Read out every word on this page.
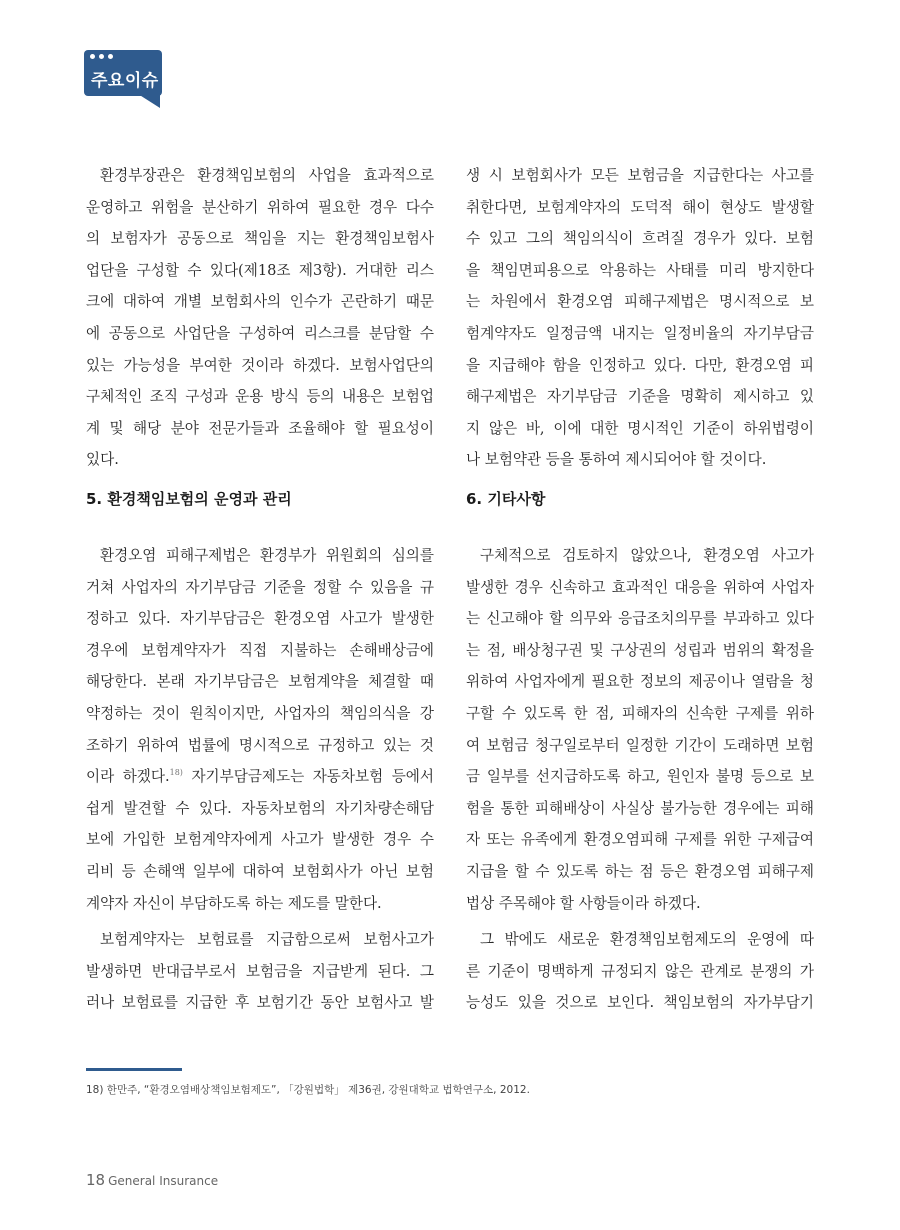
주요이슈
환경부장관은 환경책임보험의 사업을 효과적으로
운영하고 위험을 분산하기 위하여 필요한 경우 다수
의 보험자가 공동으로 책임을 지는 환경책임보험사
업단을 구성할 수 있다(제18조 제3항). 거대한 리스
크에 대하여 개별 보험회사의 인수가 곤란하기 때문
에 공동으로 사업단을 구성하여 리스크를 분담할 수
있는 가능성을 부여한 것이라 하겠다. 보험사업단의
구체적인 조직 구성과 운용 방식 등의 내용은 보험업
계 및 해당 분야 전문가들과 조율해야 할 필요성이
있다.
5. 환경책임보험의 운영과 관리
환경오염 피해구제법은 환경부가 위원회의 심의를
거쳐 사업자의 자기부담금 기준을 정할 수 있음을 규
정하고 있다. 자기부담금은 환경오염 사고가 발생한
경우에 보험계약자가 직접 지불하는 손해배상금에
해당한다. 본래 자기부담금은 보험계약을 체결할 때
약정하는 것이 원칙이지만, 사업자의 책임의식을 강
조하기 위하여 법률에 명시적으로 규정하고 있는 것
이라 하겠다.$^{18)}$ 자기부담금제도는 자동차보험 등에서
쉽게 발견할 수 있다. 자동차보험의 자기차량손해담
보에 가입한 보험계약자에게 사고가 발생한 경우 수
리비 등 손해액 일부에 대하여 보험회사가 아닌 보험
계약자 자신이 부담하도록 하는 제도를 말한다.
보험계약자는 보험료를 지급함으로써 보험사고가
발생하면 반대급부로서 보험금을 지급받게 된다. 그
러나 보험료를 지급한 후 보험기간 동안 보험사고 발
생 시 보험회사가 모든 보험금을 지급한다는 사고를
취한다면, 보험계약자의 도덕적 해이 현상도 발생할
수 있고 그의 책임의식이 흐려질 경우가 있다. 보험
을 책임면피용으로 악용하는 사태를 미리 방지한다
는 차원에서 환경오염 피해구제법은 명시적으로 보
험계약자도 일정금액 내지는 일정비율의 자기부담금
을 지급해야 함을 인정하고 있다. 다만, 환경오염 피
해구제법은 자기부담금 기준을 명확히 제시하고 있
지 않은 바, 이에 대한 명시적인 기준이 하위법령이
나 보험약관 등을 통하여 제시되어야 할 것이다.
6. 기타사항
구체적으로 검토하지 않았으나, 환경오염 사고가
발생한 경우 신속하고 효과적인 대응을 위하여 사업자
는 신고해야 할 의무와 응급조치의무를 부과하고 있다
는 점, 배상청구권 및 구상권의 성립과 범위의 확정을
위하여 사업자에게 필요한 정보의 제공이나 열람을 청
구할 수 있도록 한 점, 피해자의 신속한 구제를 위하
여 보험금 청구일로부터 일정한 기간이 도래하면 보험
금 일부를 선지급하도록 하고, 원인자 불명 등으로 보
험을 통한 피해배상이 사실상 불가능한 경우에는 피해
자 또는 유족에게 환경오염피해 구제를 위한 구제급여
지급을 할 수 있도록 하는 점 등은 환경오염 피해구제
법상 주목해야 할 사항들이라 하겠다.
그 밖에도 새로운 환경책임보험제도의 운영에 따
른 기준이 명백하게 규정되지 않은 관계로 분쟁의 가
능성도 있을 것으로 보인다. 책임보험의 자가부담기
18) 한만주, “환경오염배상책임보험제도”, 「강원법학」 제36권, 강원대학교 법학연구소, 2012.
18 General Insurance
